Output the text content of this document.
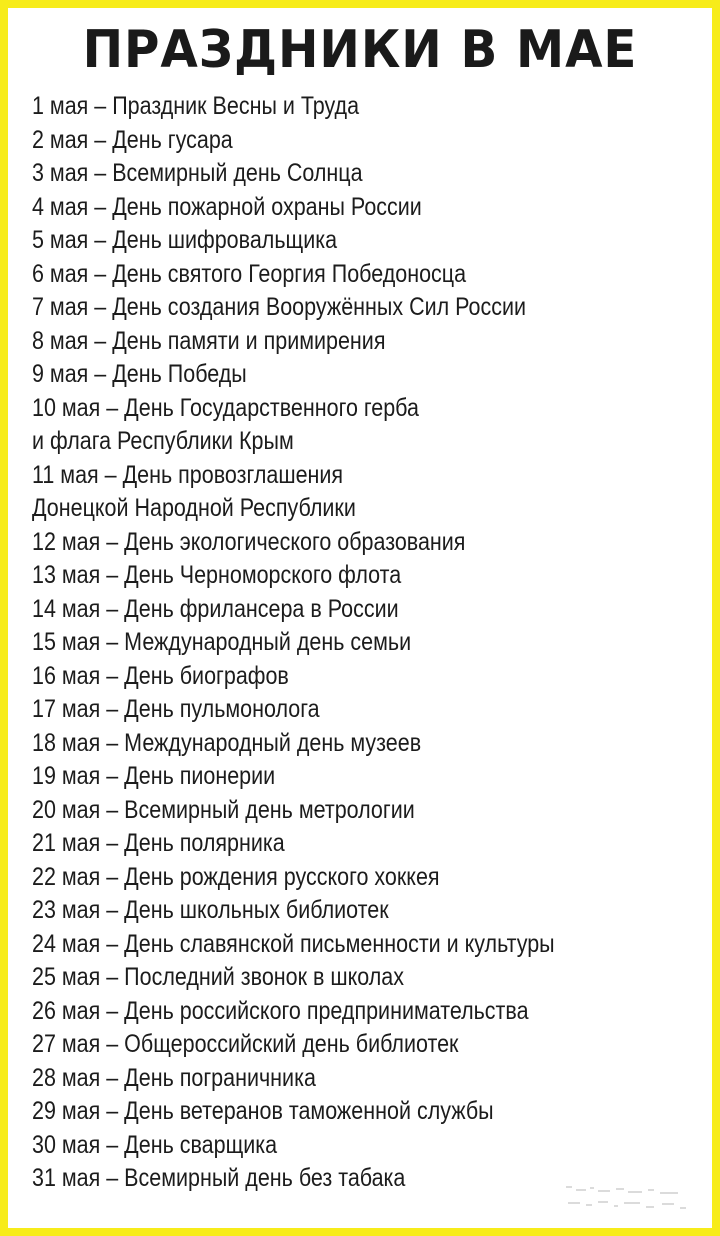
ПРАЗДНИКИ В МАЕ
1 мая – Праздник Весны и Труда
2 мая – День гусара
3 мая – Всемирный день Солнца
4 мая – День пожарной охраны России
5 мая – День шифровальщика
6 мая – День святого Георгия Победоносца
7 мая – День создания Вооружённых Сил России
8 мая – День памяти и примирения
9 мая – День Победы
10 мая – День Государственного герба
и флага Республики Крым
11 мая – День провозглашения
Донецкой Народной Республики
12 мая – День экологического образования
13 мая – День Черноморского флота
14 мая – День фрилансера в России
15 мая – Международный день семьи
16 мая – День биографов
17 мая – День пульмонолога
18 мая – Международный день музеев
19 мая – День пионерии
20 мая – Всемирный день метрологии
21 мая – День полярника
22 мая – День рождения русского хоккея
23 мая – День школьных библиотек
24 мая – День славянской письменности и культуры
25 мая – Последний звонок в школах
26 мая – День российского предпринимательства
27 мая – Общероссийский день библиотек
28 мая – День пограничника
29 мая – День ветеранов таможенной службы
30 мая – День сварщика
31 мая – Всемирный день без табака
